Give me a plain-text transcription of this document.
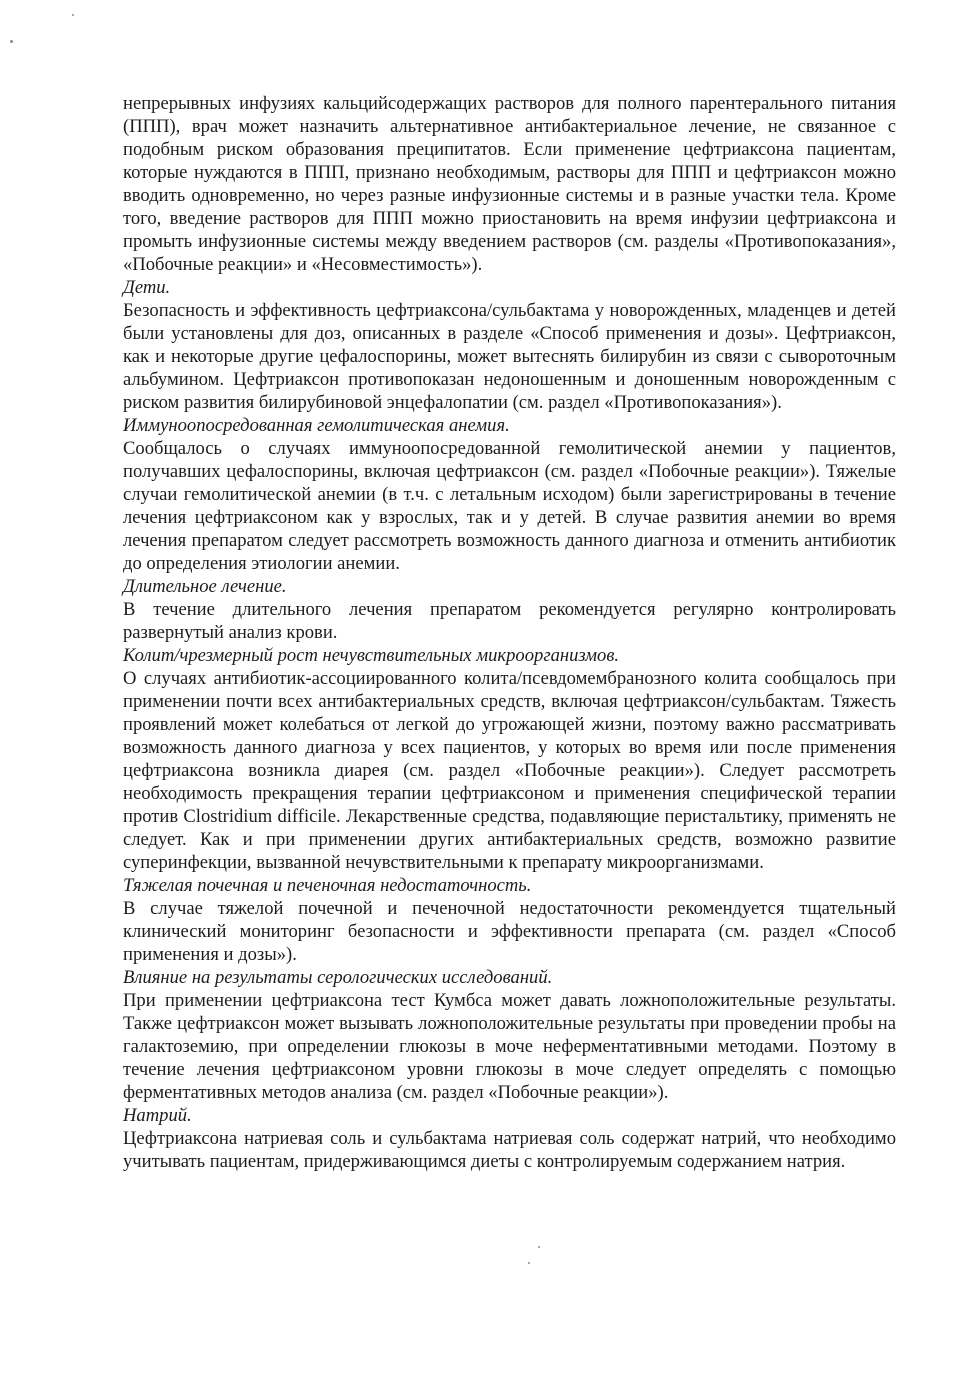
непрерывных инфузиях кальцийсодержащих растворов для полного парентерального питания (ППП), врач может назначить альтернативное антибактериальное лечение, не связанное с подобным риском образования преципитатов. Если применение цефтриаксона пациентам, которые нуждаются в ППП, признано необходимым, растворы для ППП и цефтриаксон можно вводить одновременно, но через разные инфузионные системы и в разные участки тела. Кроме того, введение растворов для ППП можно приостановить на время инфузии цефтриаксона и промыть инфузионные системы между введением растворов (см. разделы «Противопоказания», «Побочные реакции» и «Несовместимость»).

Дети.

Безопасность и эффективность цефтриаксона/сульбактама у новорожденных, младенцев и детей были установлены для доз, описанных в разделе «Способ применения и дозы». Цефтриаксон, как и некоторые другие цефалоспорины, может вытеснять билирубин из связи с сывороточным альбумином. Цефтриаксон противопоказан недоношенным и доношенным новорожденным с риском развития билирубиновой энцефалопатии (см. раздел «Противопоказания»).

Иммуноопосредованная гемолитическая анемия.

Сообщалось о случаях иммуноопосредованной гемолитической анемии у пациентов, получавших цефалоспорины, включая цефтриаксон (см. раздел «Побочные реакции»). Тяжелые случаи гемолитической анемии (в т.ч. с летальным исходом) были зарегистрированы в течение лечения цефтриаксоном как у взрослых, так и у детей. В случае развития анемии во время лечения препаратом следует рассмотреть возможность данного диагноза и отменить антибиотик до определения этиологии анемии.

Длительное лечение.

В течение длительного лечения препаратом рекомендуется регулярно контролировать развернутый анализ крови.

Колит/чрезмерный рост нечувствительных микроорганизмов.

О случаях антибиотик-ассоциированного колита/псевдомембранозного колита сообщалось при применении почти всех антибактериальных средств, включая цефтриаксон/сульбактам. Тяжесть проявлений может колебаться от легкой до угрожающей жизни, поэтому важно рассматривать возможность данного диагноза у всех пациентов, у которых во время или после применения цефтриаксона возникла диарея (см. раздел «Побочные реакции»). Следует рассмотреть необходимость прекращения терапии цефтриаксоном и применения специфической терапии против Clostridium difficile. Лекарственные средства, подавляющие перистальтику, применять не следует. Как и при применении других антибактериальных средств, возможно развитие суперинфекции, вызванной нечувствительными к препарату микроорганизмами.

Тяжелая почечная и печеночная недостаточность.

В случае тяжелой почечной и печеночной недостаточности рекомендуется тщательный клинический мониторинг безопасности и эффективности препарата (см. раздел «Способ применения и дозы»).

Влияние на результаты серологических исследований.

При применении цефтриаксона тест Кумбса может давать ложноположительные результаты. Также цефтриаксон может вызывать ложноположительные результаты при проведении пробы на галактоземию, при определении глюкозы в моче неферментативными методами. Поэтому в течение лечения цефтриаксоном уровни глюкозы в моче следует определять с помощью ферментативных методов анализа (см. раздел «Побочные реакции»).

Натрий.

Цефтриаксона натриевая соль и сульбактама натриевая соль содержат натрий, что необходимо учитывать пациентам, придерживающимся диеты с контролируемым содержанием натрия.
